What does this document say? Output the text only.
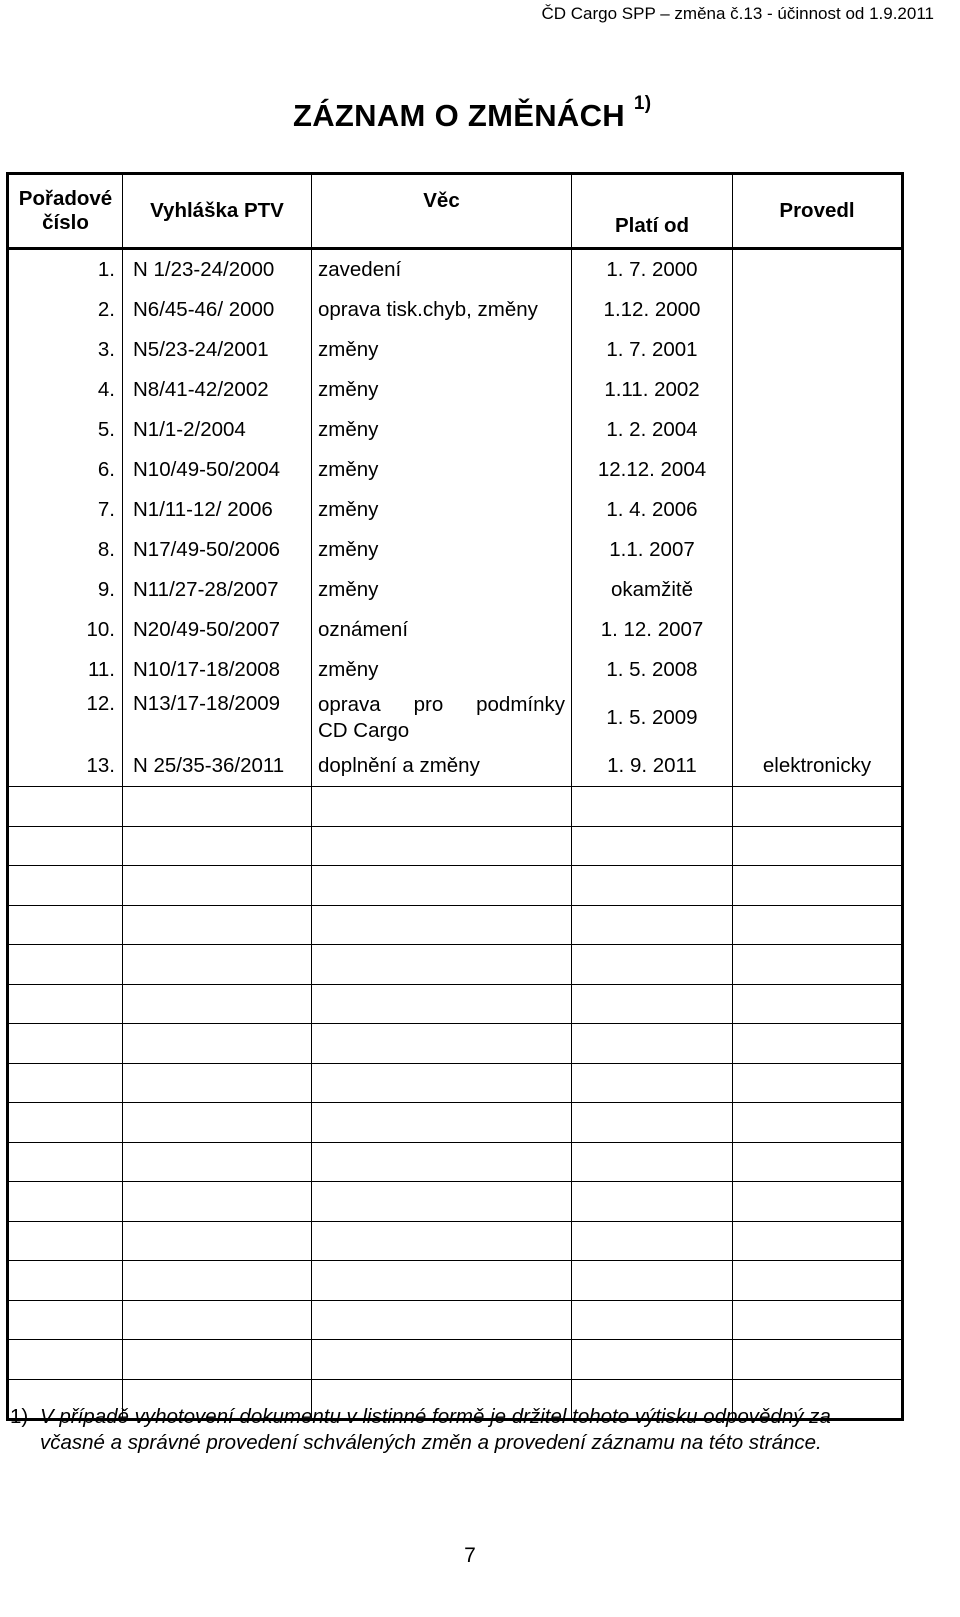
ČD Cargo SPP – změna č.13 - účinnost od 1.9.2011
ZÁZNAM O ZMĚNÁCH $^{1)}$
Pořadové
číslo	Vyhláška PTV	Věc	Platí od	Provedl
1.	N 1/23-24/2000	zavedení	1. 7. 2000	
2.	N6/45-46/ 2000	oprava tisk.chyb, změny	1.12. 2000	
3.	N5/23-24/2001	změny	1. 7. 2001	
4.	N8/41-42/2002	změny	1.11. 2002	
5.	N1/1-2/2004	změny	1. 2. 2004	
6.	N10/49-50/2004	změny	12.12. 2004	
7.	N1/11-12/ 2006	změny	1. 4. 2006	
8.	N17/49-50/2006	změny	1.1. 2007	
9.	N11/27-28/2007	změny	okamžitě	
10.	N20/49-50/2007	oznámení	1. 12. 2007	
11.	N10/17-18/2008	změny	1. 5. 2008	
12.	N13/17-18/2009	oprava pro podmínky
CD Cargo	1. 5. 2009	
13.	N 25/35-36/2011	doplnění a změny	1. 9. 2011	elektronicky

1) V případě vyhotovení dokumentu v listinné formě je držitel tohoto výtisku odpovědný za
včasné a správné provedení schválených změn a provedení záznamu na této stránce.
7
